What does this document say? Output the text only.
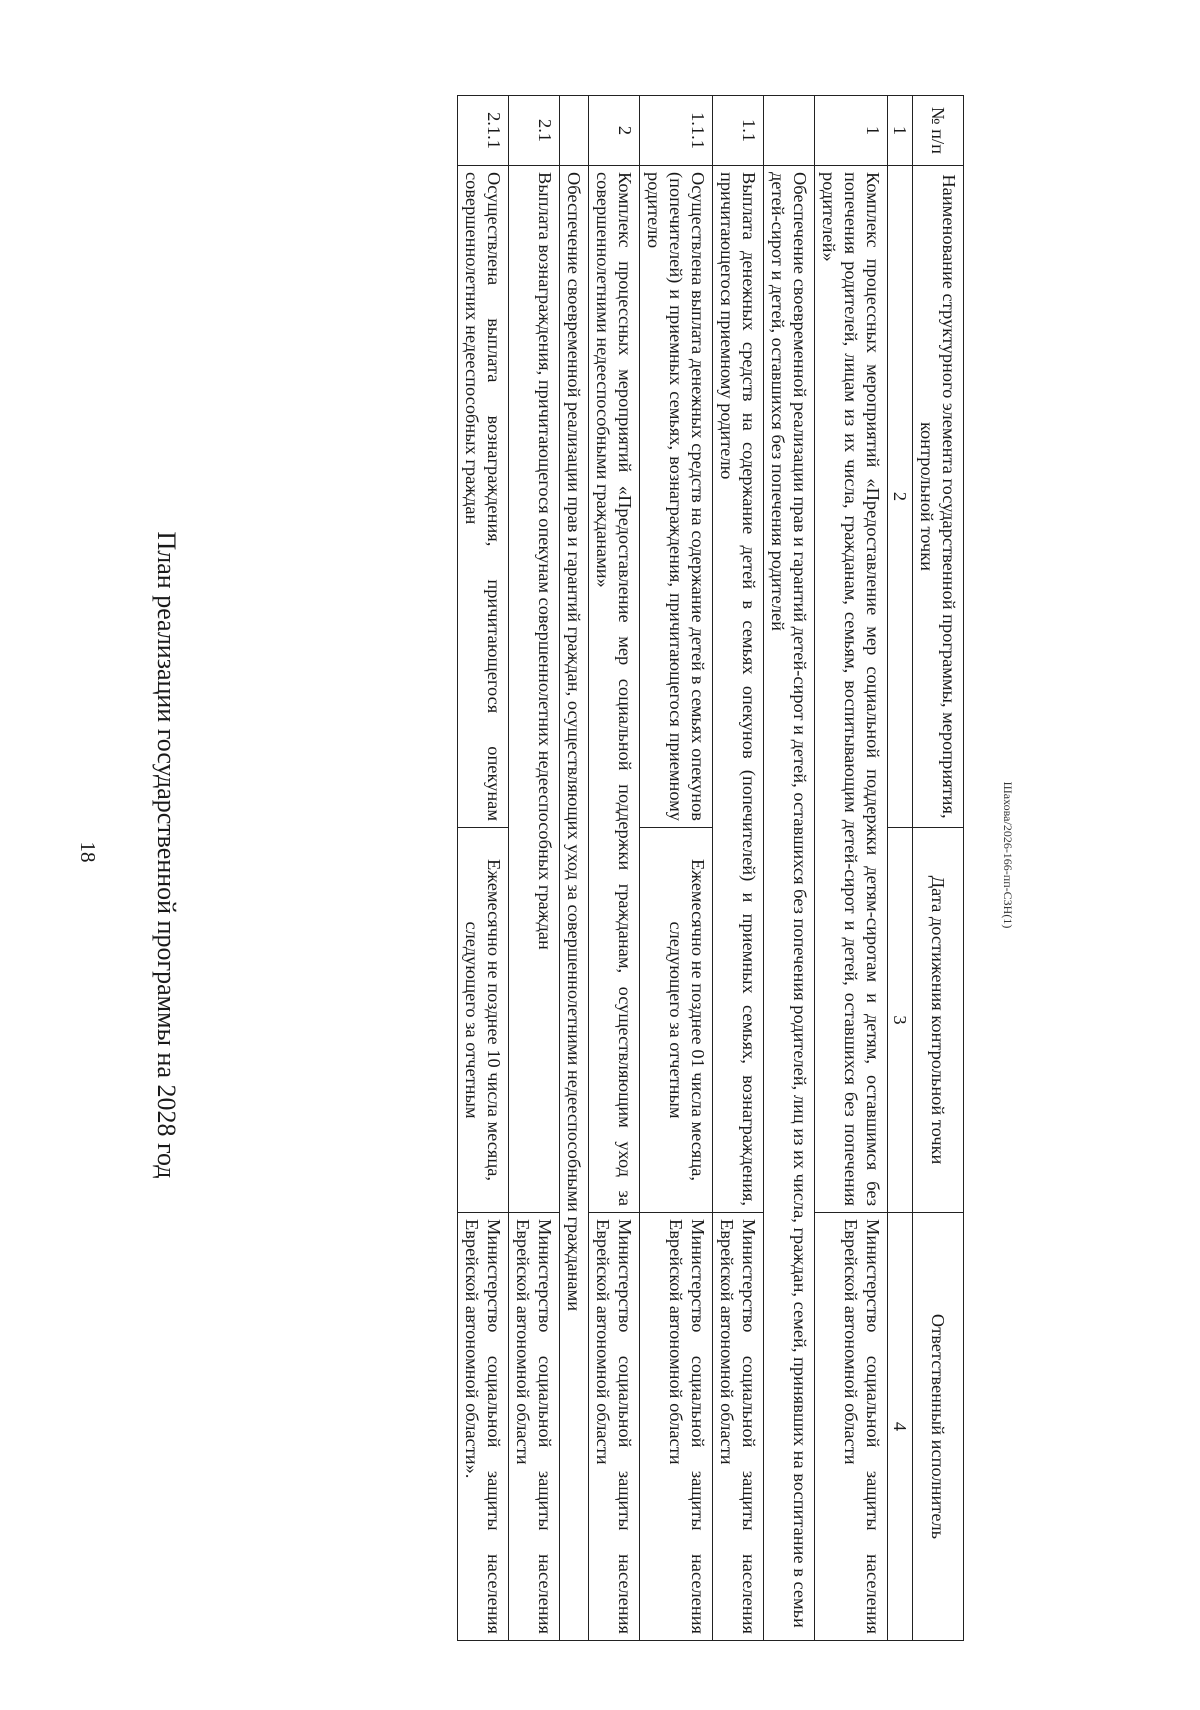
18 План реализации государственной программы на 2028 год
№ п/п	Наименование структурного элемента государственной программы, мероприятия, контрольной точки	Дата достижения контрольной точки	Ответственный исполнитель
1	2	3	4
1	Комплекс процессных мероприятий «Предоставление мер социальной поддержки детям-сиротам и детям, оставшимся без попечения родителей, лицам из их числа, гражданам, семьям, воспитывающим детей-сирот и детей, оставшихся без попечения родителей»		Министерство социальной защиты населения Еврейской автономной области
	Обеспечение своевременной реализации прав и гарантий детей-сирот и детей, оставшихся без попечения родителей, лиц из их числа, граждан, семей, принявших на воспитание в семьи детей-сирот и детей, оставшихся без попечения родителей		
1.1	Выплата денежных средств на содержание детей в семьях опекунов (попечителей) и приемных семьях, вознаграждения, причитающегося приемному родителю		Министерство социальной защиты населения Еврейской автономной области
1.1.1	Осуществлена выплата денежных средств на содержание детей в семьях опекунов (попечителей) и приемных семьях, вознаграждения, причитающегося приемному родителю	Ежемесячно не позднее 01 числа месяца, следующего за отчетным	Министерство социальной защиты населения Еврейской автономной области
2	Комплекс процессных мероприятий «Предоставление мер социальной поддержки гражданам, осуществляющим уход за совершеннолетними недееспособными гражданами»		Министерство социальной защиты населения Еврейской автономной области
	Обеспечение своевременной реализации прав и гарантий граждан, осуществляющих уход за совершеннолетними недееспособными гражданами		
2.1	Выплата вознаграждения, причитающегося опекунам совершеннолетних недееспособных граждан		Министерство социальной защиты населения Еврейской автономной области
2.1.1	Осуществлена выплата вознаграждения, причитающегося опекунам совершеннолетних недееспособных граждан	Ежемесячно не позднее 10 числа месяца, следующего за отчетным	Министерство социальной защиты населения Еврейской автономной области».
Шахова/2026-166-пп-СЗН(1)
